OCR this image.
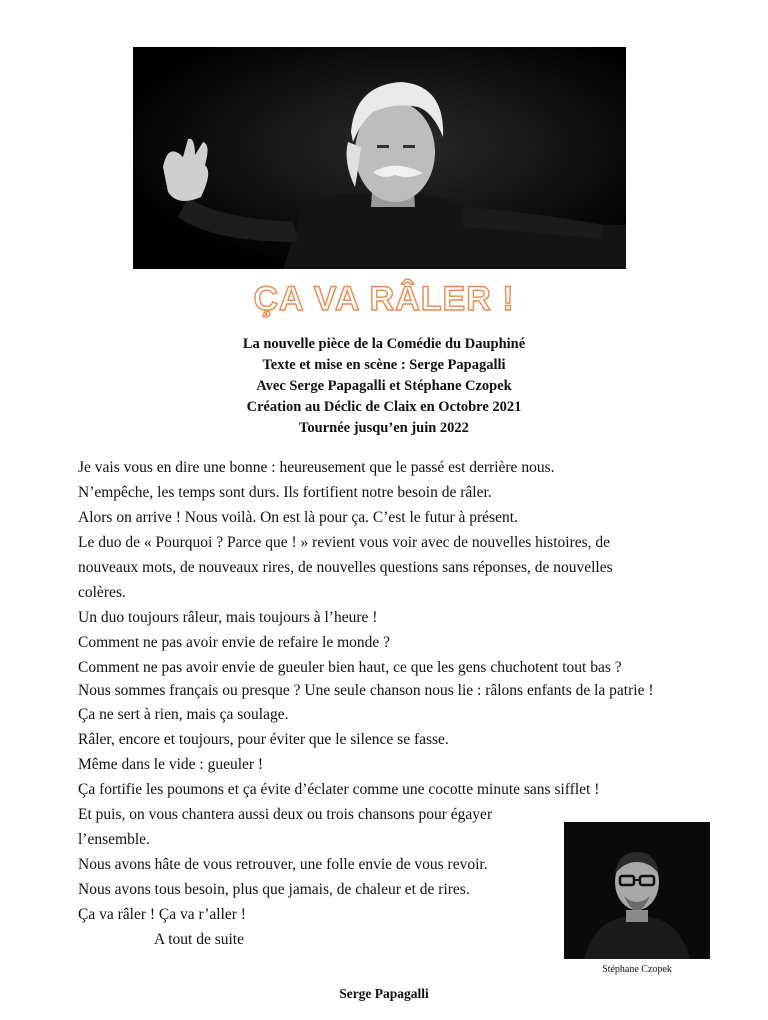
ÇA VA RÂLER !
La nouvelle pièce de la Comédie du Dauphiné
Texte et mise en scène : Serge Papagalli
Avec Serge Papagalli et Stéphane Czopek
Création au Déclic de Claix en Octobre 2021
Tournée jusqu’en juin 2022
Je vais vous en dire une bonne : heureusement que le passé est derrière nous.
N’empêche, les temps sont durs. Ils fortifient notre besoin de râler.
Alors on arrive ! Nous voilà. On est là pour ça. C’est le futur à présent.
Le duo de « Pourquoi ? Parce que ! » revient vous voir avec de nouvelles histoires, de
nouveaux mots, de nouveaux rires, de nouvelles questions sans réponses, de nouvelles
colères.
Un duo toujours râleur, mais toujours à l’heure !
Comment ne pas avoir envie de refaire le monde ?
Comment ne pas avoir envie de gueuler bien haut, ce que les gens chuchotent tout bas ?
Nous sommes français ou presque ? Une seule chanson nous lie : râlons enfants de la patrie !
Ça ne sert à rien, mais ça soulage.
Râler, encore et toujours, pour éviter que le silence se fasse.
Même dans le vide : gueuler !
Ça fortifie les poumons et ça évite d’éclater comme une cocotte minute sans sifflet !
Et puis, on vous chantera aussi deux ou trois chansons pour égayer
l’ensemble.
Nous avons hâte de vous retrouver, une folle envie de vous revoir.
Nous avons tous besoin, plus que jamais, de chaleur et de rires.
Ça va râler ! Ça va r’aller !
A tout de suite
Stéphane Czopek
Serge Papagalli
